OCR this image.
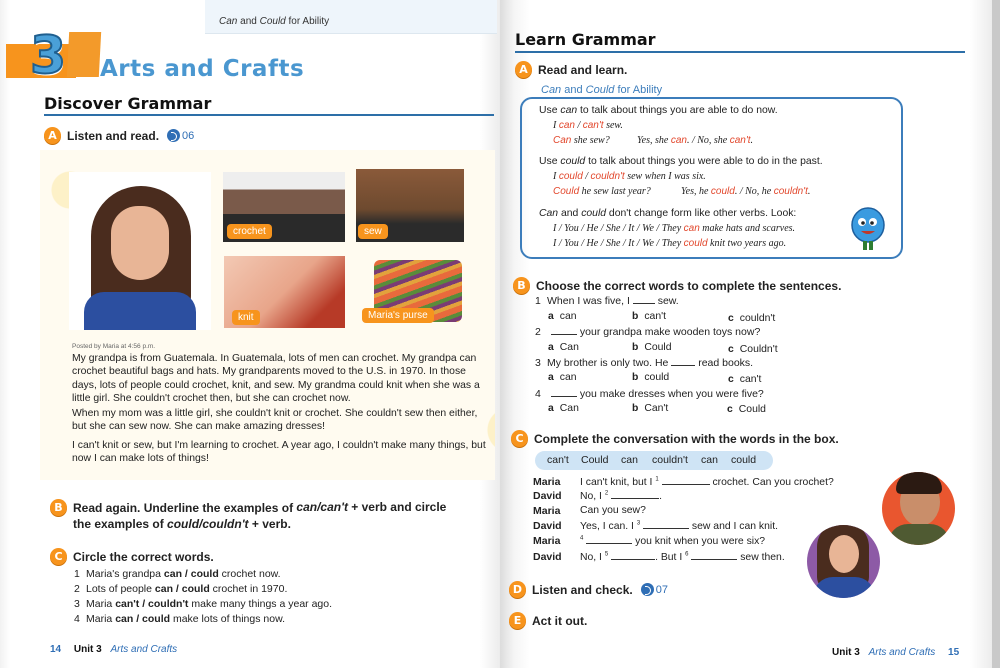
Can and Could for Ability
3 Arts and Crafts
Discover Grammar
A Listen and read. 06
crochet	sew
knit	Maria's purse
Posted by Maria at 4:56 p.m.
My grandpa is from Guatemala. In Guatemala, lots of men can crochet. My grandpa can crochet beautiful bags and hats. My grandparents moved to the U.S. in 1970. In those days, lots of people could crochet, knit, and sew. My grandma could knit when she was a little girl. She couldn't crochet then, but she can crochet now.
When my mom was a little girl, she couldn't knit or crochet. She couldn't sew then either, but she can sew now. She can make amazing dresses!
I can't knit or sew, but I'm learning to crochet. A year ago, I couldn't make many things, but now I can make lots of things!
B Read again. Underline the examples of can/can't + verb and circle
the examples of could/couldn't + verb.
C Circle the correct words.
1 Maria's grandpa can / could crochet now.
2 Lots of people can / could crochet in 1970.
3 Maria can't / couldn't make many things a year ago.
4 Maria can / could make lots of things now.
14 Unit 3 Arts and Crafts
Learn Grammar
A Read and learn.
Can and Could for Ability
Use can to talk about things you are able to do now.
I can / can't sew.
Can she sew?	Yes, she can. / No, she can't.
Use could to talk about things you were able to do in the past.
I could / couldn't sew when I was six.
Could he sew last year?	Yes, he could. / No, he couldn't.
Can and could don't change form like other verbs. Look:
I / You / He / She / It / We / They can make hats and scarves.
I / You / He / She / It / We / They could knit two years ago.
B Choose the correct words to complete the sentences.
1 When I was five, I  sew.
a can	b can't	c couldn't
2	your grandpa make wooden toys now?
a Can	b Could	c Couldn't
3 My brother is only two. He  read books.
a can	b could	c can't
4	you make dresses when you were five?
a Can	b Can't	c Could
C Complete the conversation with the words in the box.
can't Could can couldn't can could
Maria I can't knit, but I $^1$	crochet. Can you crochet?
David No, I $^2$	.
Maria Can you sew?
David Yes, I can. I $^3$	sew and I can knit.
Maria	$^4$	you knit when you were six?
David No, I $^5$	. But I $^6$	sew then.
D Listen and check. 07
E Act it out.
Unit 3 Arts and Crafts 15
